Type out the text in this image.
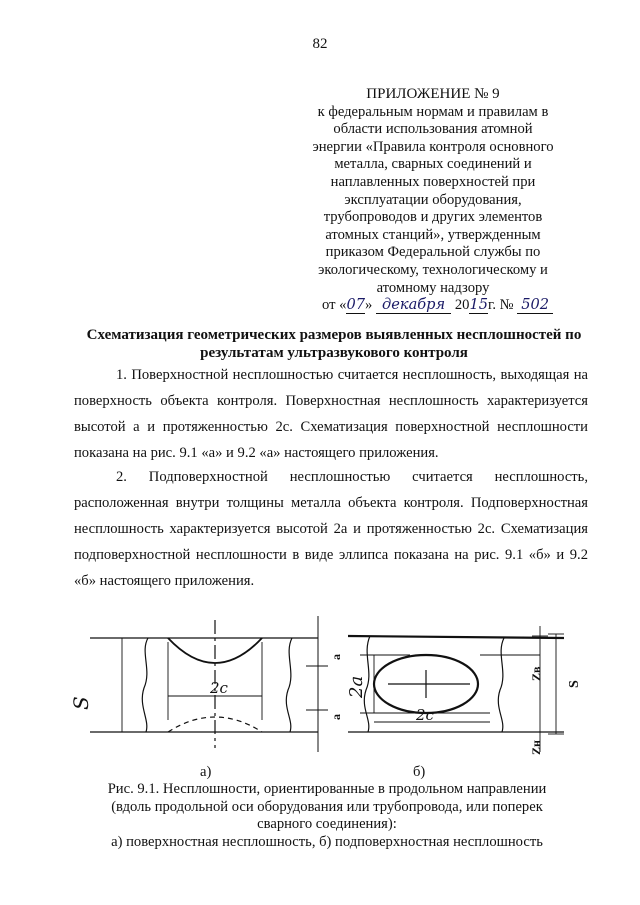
82
ПРИЛОЖЕНИЕ № 9
к федеральным нормам и правилам в
области использования атомной
энергии «Правила контроля основного
металла, сварных соединений и
наплавленных поверхностей при
эксплуатации оборудования,
трубопроводов и других элементов
атомных станций», утвержденным
приказом Федеральной службы по
экологическому, технологическому и
атомному надзору
от «07» декабря 2015г. № 502
Схематизация геометрических размеров выявленных несплошностей по результатам ультразвукового контроля

1. Поверхностной несплошностью считается несплошность, выходящая на поверхность объекта контроля. Поверхностная несплошность характеризуется высотой a и протяженностью 2c. Схематизация поверхностной несплошности показана на рис. 9.1 «а» и 9.2 «а» настоящего приложения.

2. Подповерхностной несплошностью считается несплошность, расположенная внутри толщины металла объекта контроля. Подповерхностная несплошность характеризуется высотой 2a и протяженностью 2c. Схематизация подповерхностной несплошности в виде эллипса показана на рис. 9.1 «б» и 9.2 «б» настоящего приложения.

S
a
a
2c	2a
Zв
Zн
S
2c
а)	б)
Рис. 9.1. Несплошности, ориентированные в продольном направлении
(вдоль продольной оси оборудования или трубопровода, или поперек
сварного соединения):
а) поверхностная несплошность, б) подповерхностная несплошность
